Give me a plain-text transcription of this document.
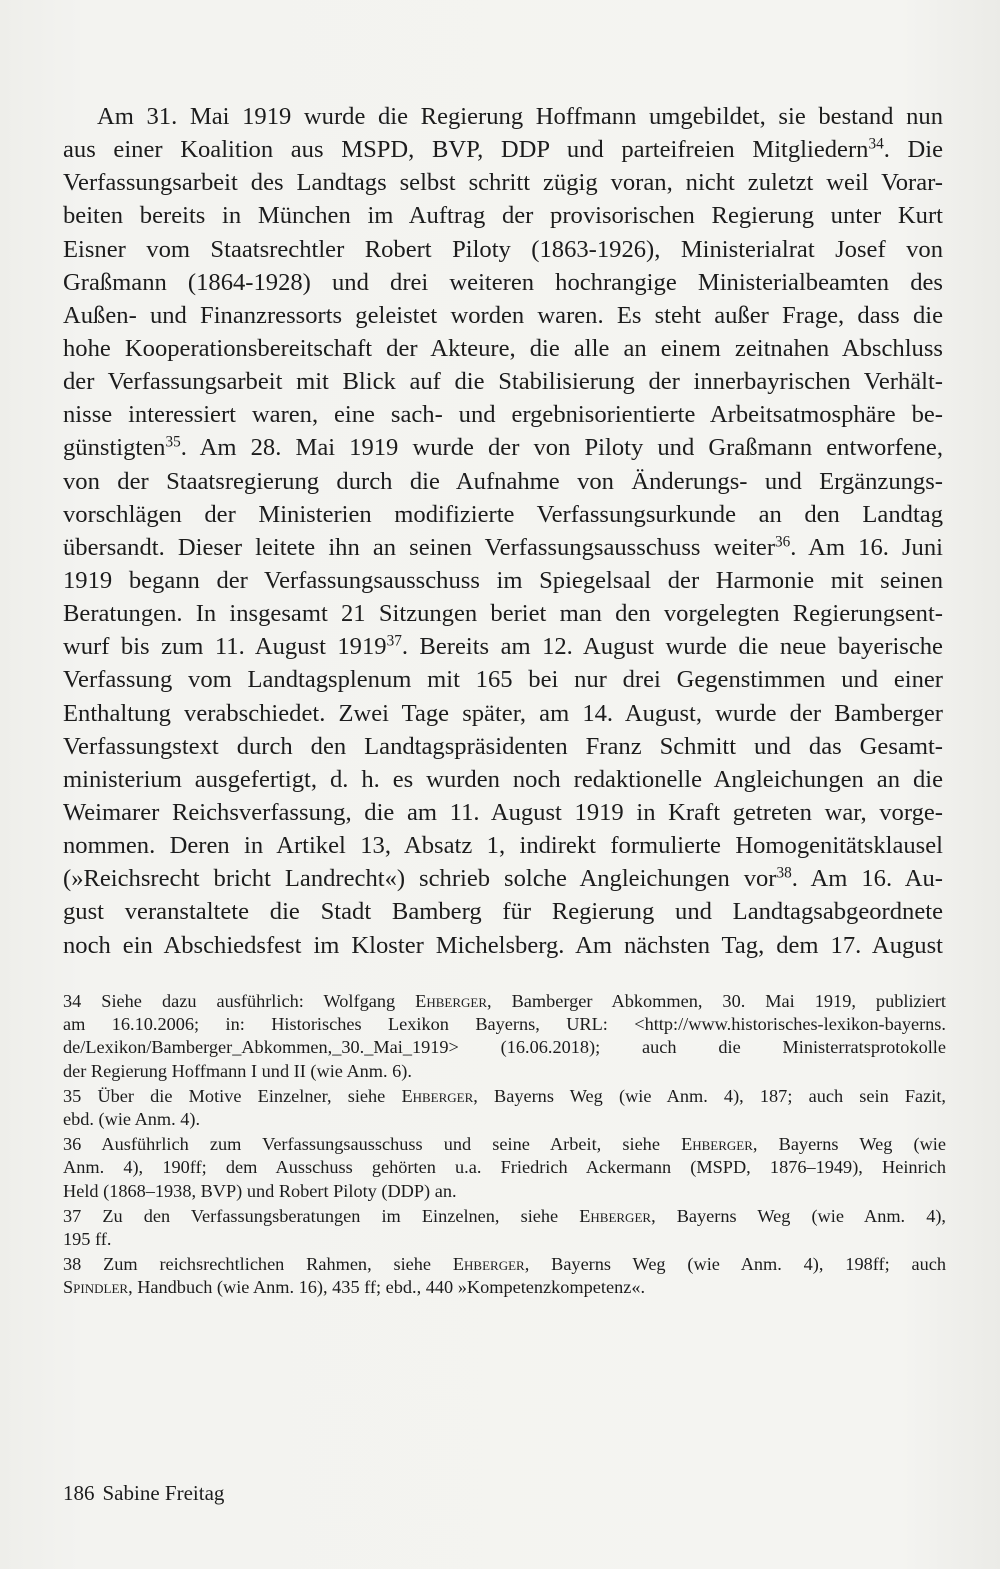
Am 31. Mai 1919 wurde die Regierung Hoffmann umgebildet, sie bestand nun
aus einer Koalition aus MSPD, BVP, DDP und parteifreien Mitgliedern$^{34}$. Die
Verfassungsarbeit des Landtags selbst schritt zügig voran, nicht zuletzt weil Vorar-
beiten bereits in München im Auftrag der provisorischen Regierung unter Kurt
Eisner vom Staatsrechtler Robert Piloty (1863-1926), Ministerialrat Josef von
Graßmann (1864-1928) und drei weiteren hochrangige Ministerialbeamten des
Außen- und Finanzressorts geleistet worden waren. Es steht außer Frage, dass die
hohe Kooperationsbereitschaft der Akteure, die alle an einem zeitnahen Abschluss
der Verfassungsarbeit mit Blick auf die Stabilisierung der innerbayrischen Verhält-
nisse interessiert waren, eine sach- und ergebnisorientierte Arbeitsatmosphäre be-
günstigten$^{35}$. Am 28. Mai 1919 wurde der von Piloty und Graßmann entworfene,
von der Staatsregierung durch die Aufnahme von Änderungs- und Ergänzungs-
vorschlägen der Ministerien modifizierte Verfassungsurkunde an den Landtag
übersandt. Dieser leitete ihn an seinen Verfassungsausschuss weiter$^{36}$. Am 16. Juni
1919 begann der Verfassungsausschuss im Spiegelsaal der Harmonie mit seinen
Beratungen. In insgesamt 21 Sitzungen beriet man den vorgelegten Regierungsent-
wurf bis zum 11. August 1919$^{37}$. Bereits am 12. August wurde die neue bayerische
Verfassung vom Landtagsplenum mit 165 bei nur drei Gegenstimmen und einer
Enthaltung verabschiedet. Zwei Tage später, am 14. August, wurde der Bamberger
Verfassungstext durch den Landtagspräsidenten Franz Schmitt und das Gesamt-
ministerium ausgefertigt, d. h. es wurden noch redaktionelle Angleichungen an die
Weimarer Reichsverfassung, die am 11. August 1919 in Kraft getreten war, vorge-
nommen. Deren in Artikel 13, Absatz 1, indirekt formulierte Homogenitätsklausel
(»Reichsrecht bricht Landrecht«) schrieb solche Angleichungen vor$^{38}$. Am 16. Au-
gust veranstaltete die Stadt Bamberg für Regierung und Landtagsabgeordnete
noch ein Abschiedsfest im Kloster Michelsberg. Am nächsten Tag, dem 17. August
34 Siehe dazu ausführlich: Wolfgang Ehberger, Bamberger Abkommen, 30. Mai 1919, publiziert
am 16.10.2006; in: Historisches Lexikon Bayerns, URL: <http://www.historisches-lexikon-bayerns.
de/Lexikon/Bamberger_Abkommen,_30._Mai_1919> (16.06.2018); auch die Ministerratsprotokolle
der Regierung Hoffmann I und II (wie Anm. 6).
35 Über die Motive Einzelner, siehe Ehberger, Bayerns Weg (wie Anm. 4), 187; auch sein Fazit,
ebd. (wie Anm. 4).
36 Ausführlich zum Verfassungsausschuss und seine Arbeit, siehe Ehberger, Bayerns Weg (wie
Anm. 4), 190ff; dem Ausschuss gehörten u.a. Friedrich Ackermann (MSPD, 1876–1949), Heinrich
Held (1868–1938, BVP) und Robert Piloty (DDP) an.
37 Zu den Verfassungsberatungen im Einzelnen, siehe Ehberger, Bayerns Weg (wie Anm. 4),
195 ff.
38 Zum reichsrechtlichen Rahmen, siehe Ehberger, Bayerns Weg (wie Anm. 4), 198ff; auch
Spindler, Handbuch (wie Anm. 16), 435 ff; ebd., 440 »Kompetenzkompetenz«.
186 Sabine Freitag
